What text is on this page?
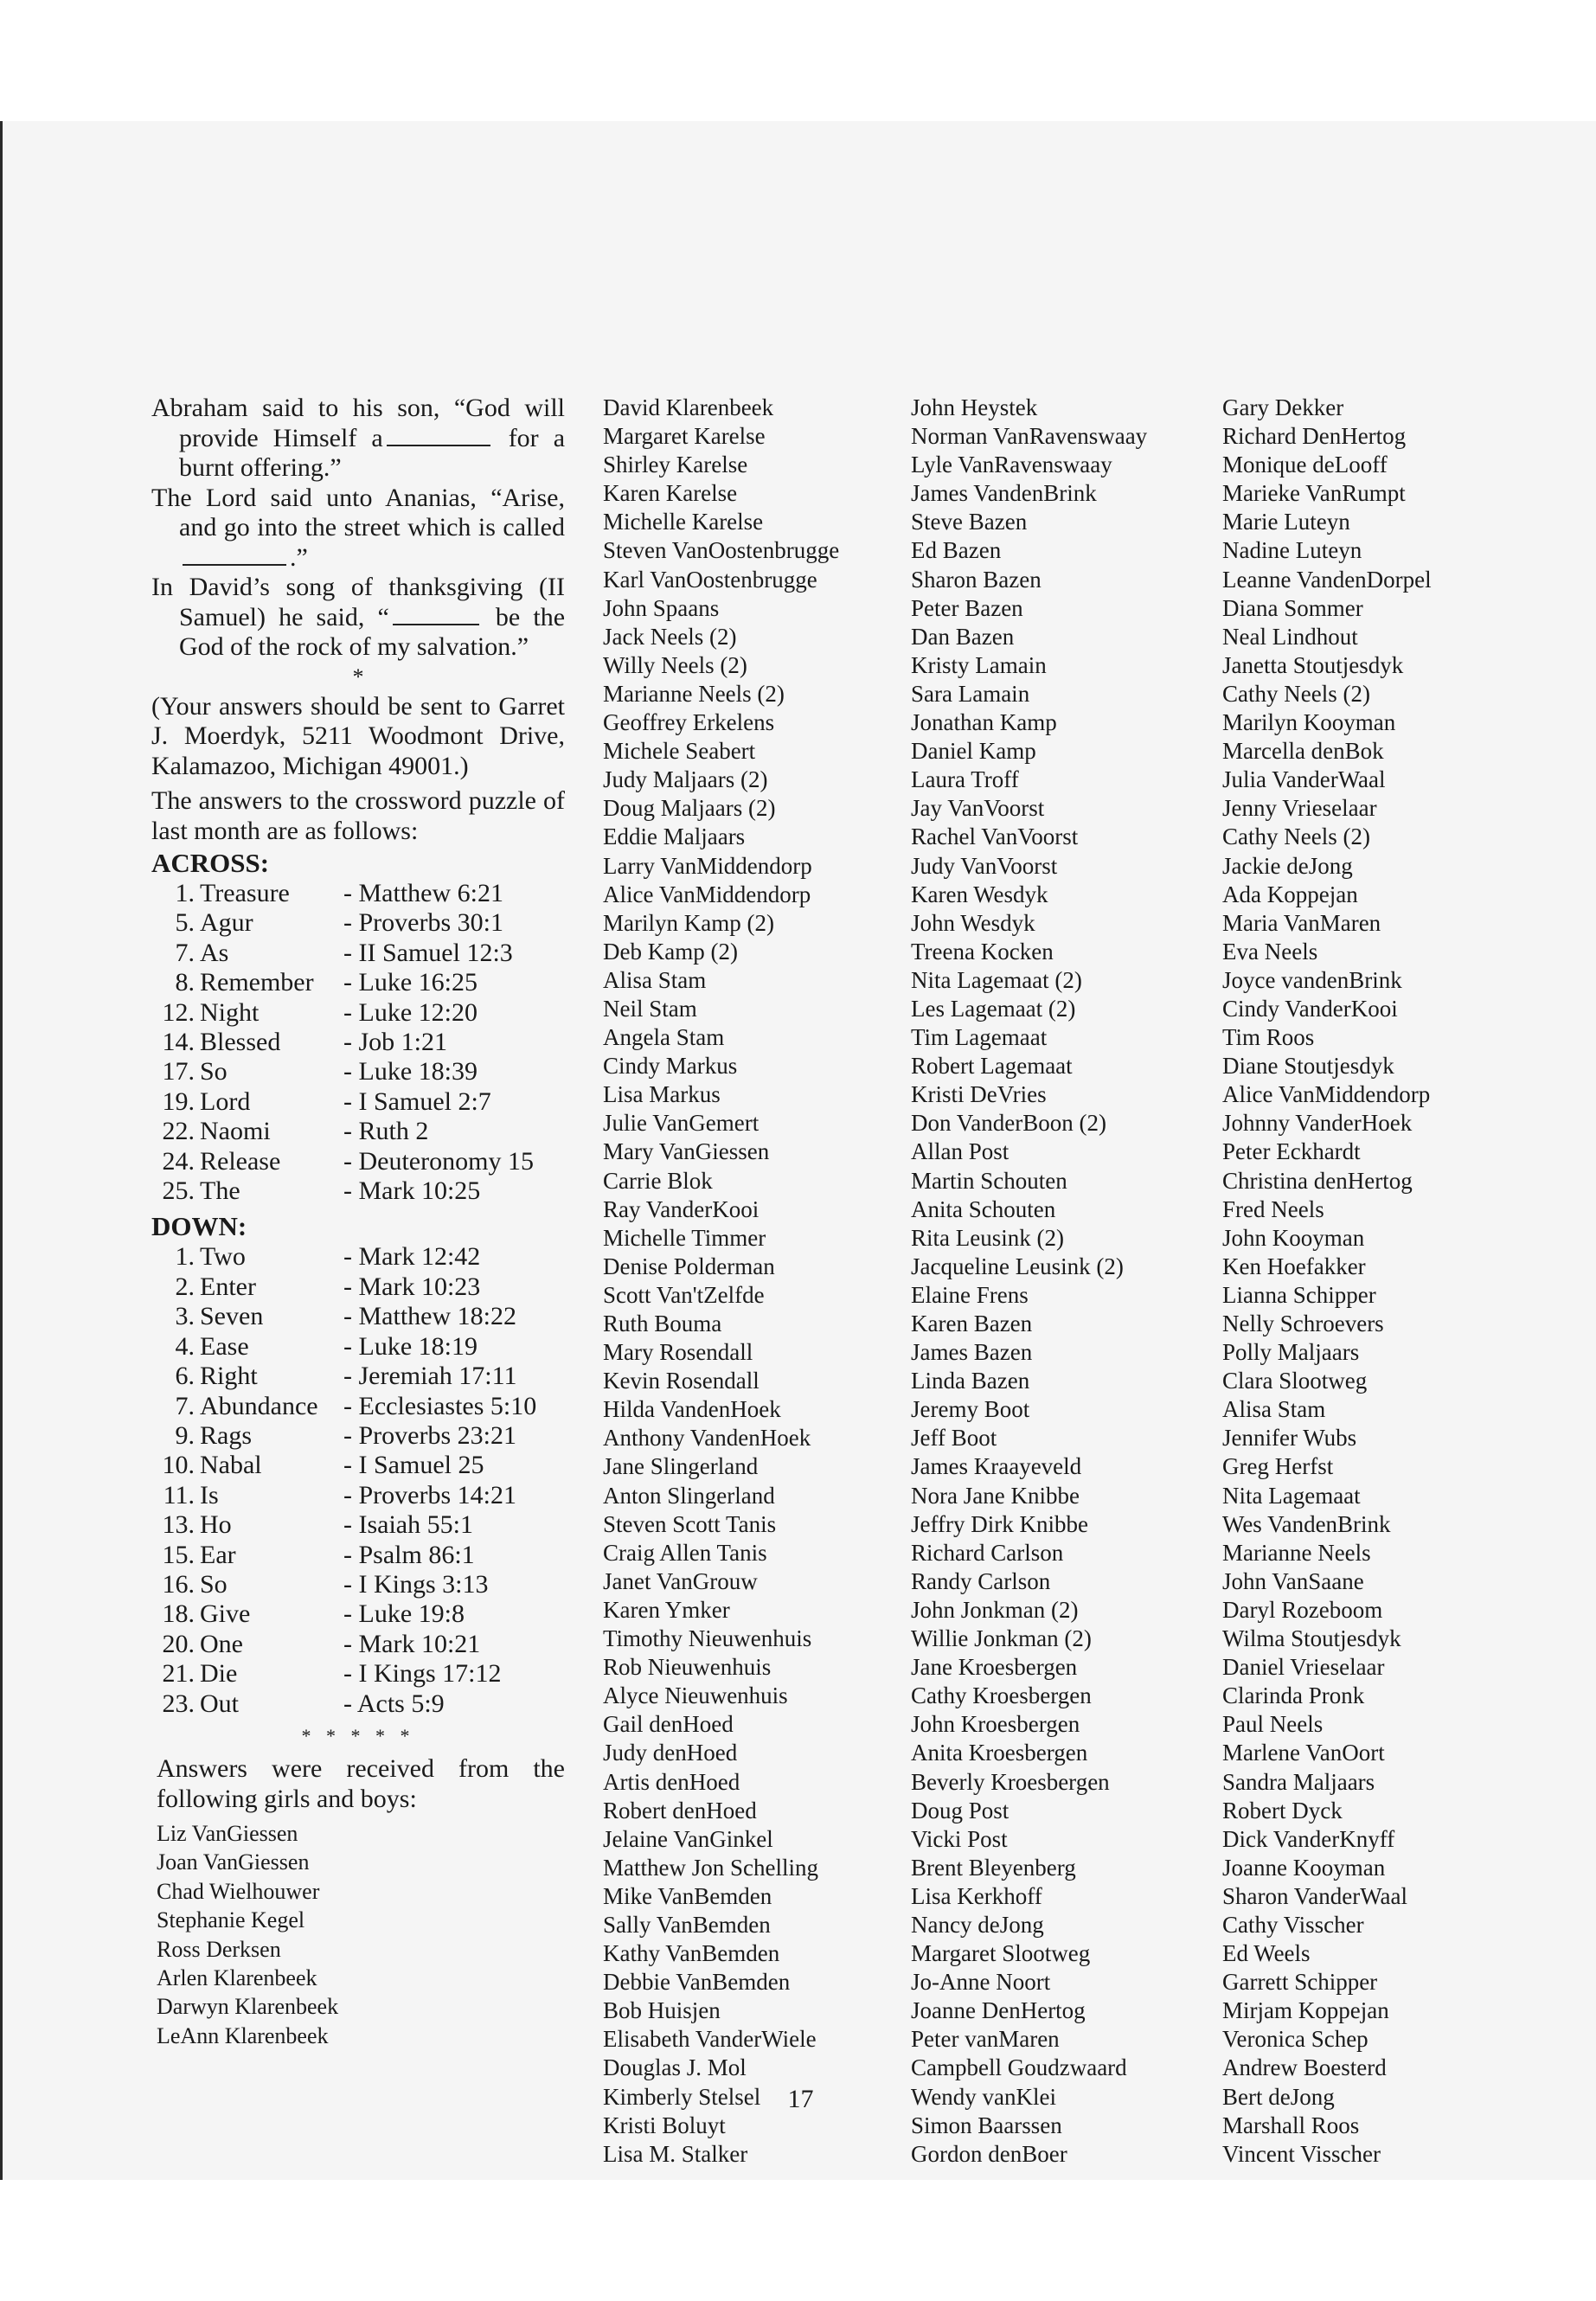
Abraham said to his son, “God will provide Himself a	for a burnt offering.”
The Lord said unto Ananias, “Arise, and go into the street which is called.”
In David’s song of thanksgiving (II Samuel) he said, “	be the God of the rock of my salvation.”
*
(Your answers should be sent to Garret J. Moerdyk, 5211 Woodmont Drive, Kalamazoo, Michigan 49001.)
The answers to the crossword puzzle of last month are as follows:
ACROSS:
1. Treasure	- Matthew 6:21
5. Agur	- Proverbs 30:1
7. As	- II Samuel 12:3
8. Remember	- Luke 16:25
12. Night	- Luke 12:20
14. Blessed	- Job 1:21
17. So	- Luke 18:39
19. Lord	- I Samuel 2:7
22. Naomi	- Ruth 2
24. Release	- Deuteronomy 15
25. The	- Mark 10:25
DOWN:
1. Two	- Mark 12:42
2. Enter	- Mark 10:23
3. Seven	- Matthew 18:22
4. Ease	- Luke 18:19
6. Right	- Jeremiah 17:11
7. Abundance - Ecclesiastes 5:10
9. Rags	- Proverbs 23:21
10. Nabal	- I Samuel 25
11. Is	- Proverbs 14:21
13. Ho	- Isaiah 55:1
15. Ear	- Psalm 86:1
16. So	- I Kings 3:13
18. Give	- Luke 19:8
20. One	- Mark 10:21
21. Die	- I Kings 17:12
23. Out	- Acts 5:9
* * * * *
Answers were received from the following girls and boys:
Liz VanGiessen
Joan VanGiessen
Chad Wielhouwer
Stephanie Kegel
Ross Derksen
Arlen Klarenbeek
Darwyn Klarenbeek
LeAnn Klarenbeek
David Klarenbeek
Margaret Karelse
Shirley Karelse
Karen Karelse
Michelle Karelse
Steven VanOostenbrugge
Karl VanOostenbrugge
John Spaans
Jack Neels (2)
Willy Neels (2)
Marianne Neels (2)
Geoffrey Erkelens
Michele Seabert
Judy Maljaars (2)
Doug Maljaars (2)
Eddie Maljaars
Larry VanMiddendorp
Alice VanMiddendorp
Marilyn Kamp (2)
Deb Kamp (2)
Alisa Stam
Neil Stam
Angela Stam
Cindy Markus
Lisa Markus
Julie VanGemert
Mary VanGiessen
Carrie Blok
Ray VanderKooi
Michelle Timmer
Denise Polderman
Scott Van'tZelfde
Ruth Bouma
Mary Rosendall
Kevin Rosendall
Hilda VandenHoek
Anthony VandenHoek
Jane Slingerland
Anton Slingerland
Steven Scott Tanis
Craig Allen Tanis
Janet VanGrouw
Karen Ymker
Timothy Nieuwenhuis
Rob Nieuwenhuis
Alyce Nieuwenhuis
Gail denHoed
Judy denHoed
Artis denHoed
Robert denHoed
Jelaine VanGinkel
Matthew Jon Schelling
Mike VanBemden
Sally VanBemden
Kathy VanBemden
Debbie VanBemden
Bob Huisjen
Elisabeth VanderWiele
Douglas J. Mol
Kimberly Stelsel
Kristi Boluyt
Lisa M. Stalker
John Heystek
Norman VanRavenswaay
Lyle VanRavenswaay
James VandenBrink
Steve Bazen
Ed Bazen
Sharon Bazen
Peter Bazen
Dan Bazen
Kristy Lamain
Sara Lamain
Jonathan Kamp
Daniel Kamp
Laura Troff
Jay VanVoorst
Rachel VanVoorst
Judy VanVoorst
Karen Wesdyk
John Wesdyk
Treena Kocken
Nita Lagemaat (2)
Les Lagemaat (2)
Tim Lagemaat
Robert Lagemaat
Kristi DeVries
Don VanderBoon (2)
Allan Post
Martin Schouten
Anita Schouten
Rita Leusink (2)
Jacqueline Leusink (2)
Elaine Frens
Karen Bazen
James Bazen
Linda Bazen
Jeremy Boot
Jeff Boot
James Kraayeveld
Nora Jane Knibbe
Jeffry Dirk Knibbe
Richard Carlson
Randy Carlson
John Jonkman (2)
Willie Jonkman (2)
Jane Kroesbergen
Cathy Kroesbergen
John Kroesbergen
Anita Kroesbergen
Beverly Kroesbergen
Doug Post
Vicki Post
Brent Bleyenberg
Lisa Kerkhoff
Nancy deJong
Margaret Slootweg
Jo-Anne Noort
Joanne DenHertog
Peter vanMaren
Campbell Goudzwaard
Wendy vanKlei
Simon Baarssen
Gordon denBoer
Gary Dekker
Richard DenHertog
Monique deLooff
Marieke VanRumpt
Marie Luteyn
Nadine Luteyn
Leanne VandenDorpel
Diana Sommer
Neal Lindhout
Janetta Stoutjesdyk
Cathy Neels (2)
Marilyn Kooyman
Marcella denBok
Julia VanderWaal
Jenny Vrieselaar
Cathy Neels (2)
Jackie deJong
Ada Koppejan
Maria VanMaren
Eva Neels
Joyce vandenBrink
Cindy VanderKooi
Tim Roos
Diane Stoutjesdyk
Alice VanMiddendorp
Johnny VanderHoek
Peter Eckhardt
Christina denHertog
Fred Neels
John Kooyman
Ken Hoefakker
Lianna Schipper
Nelly Schroevers
Polly Maljaars
Clara Slootweg
Alisa Stam
Jennifer Wubs
Greg Herfst
Nita Lagemaat
Wes VandenBrink
Marianne Neels
John VanSaane
Daryl Rozeboom
Wilma Stoutjesdyk
Daniel Vrieselaar
Clarinda Pronk
Paul Neels
Marlene VanOort
Sandra Maljaars
Robert Dyck
Dick VanderKnyff
Joanne Kooyman
Sharon VanderWaal
Cathy Visscher
Ed Weels
Garrett Schipper
Mirjam Koppejan
Veronica Schep
Andrew Boesterd
Bert deJong
Marshall Roos
Vincent Visscher
17
